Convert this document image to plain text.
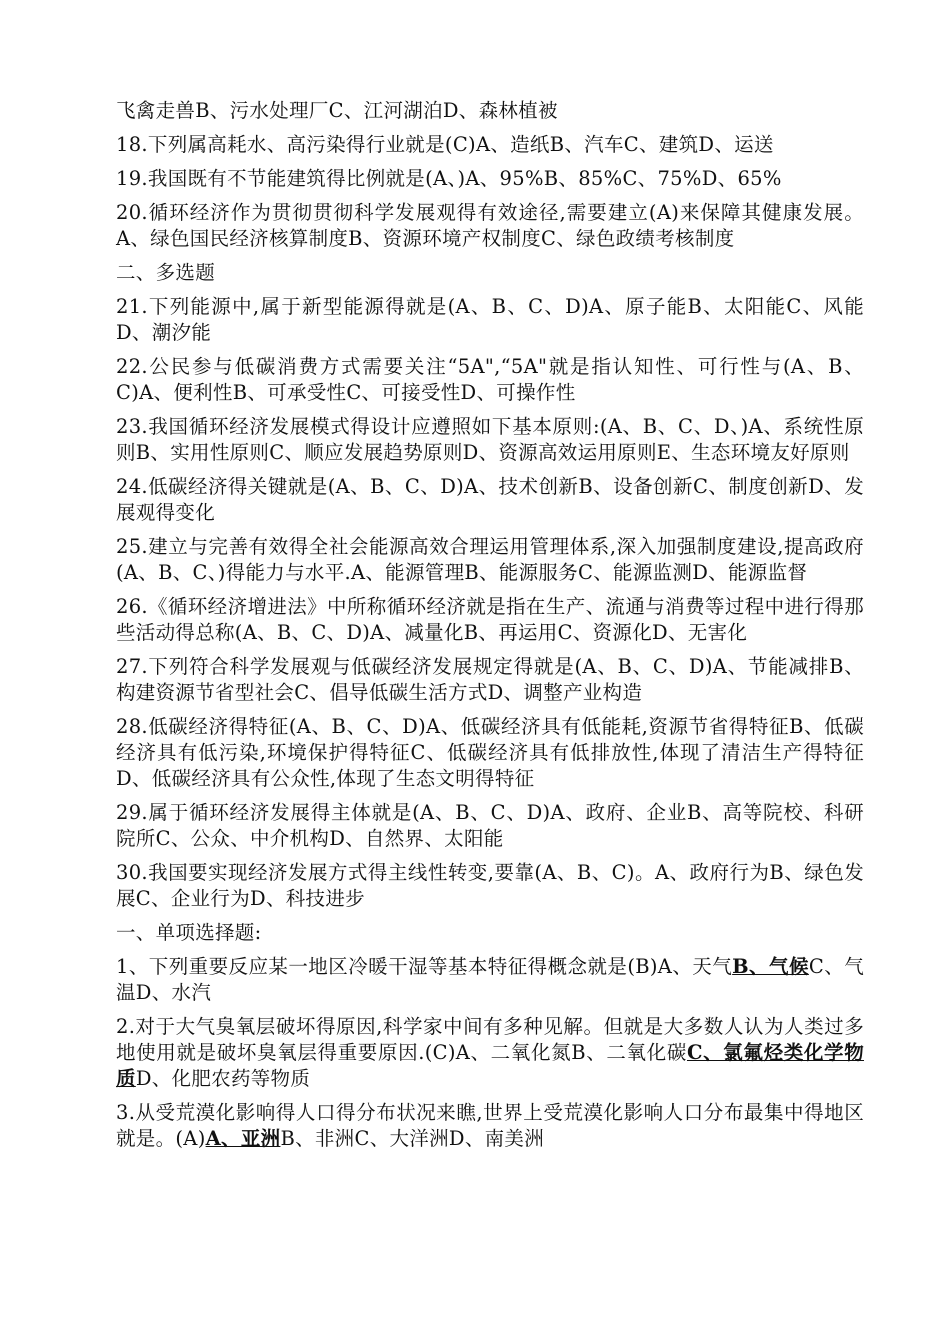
飞禽走兽B、污水处理厂C、江河湖泊D、森林植被

18.下列属高耗水、高污染得行业就是(C)A、造纸B、汽车C、建筑D、运送

19.我国既有不节能建筑得比例就是(A、)A、95%B、85%C、75%D、65%

20.循环经济作为贯彻贯彻科学发展观得有效途径,需要建立(A)来保障其健康发展。A、绿色国民经济核算制度B、资源环境产权制度C、绿色政绩考核制度

二、多选题

21.下列能源中,属于新型能源得就是(A、B、C、D)A、原子能B、太阳能C、风能D、潮汐能

22.公民参与低碳消费方式需要关注“5A",“5A"就是指认知性、可行性与(A、B、C)A、便利性B、可承受性C、可接受性D、可操作性

23.我国循环经济发展模式得设计应遵照如下基本原则:(A、B、C、D、)A、系统性原则B、实用性原则C、顺应发展趋势原则D、资源高效运用原则E、生态环境友好原则

24.低碳经济得关键就是(A、B、C、D)A、技术创新B、设备创新C、制度创新D、发展观得变化

25.建立与完善有效得全社会能源高效合理运用管理体系,深入加强制度建设,提高政府(A、B、C、)得能力与水平.A、能源管理B、能源服务C、能源监测D、能源监督

26.《循环经济增进法》中所称循环经济就是指在生产、流通与消费等过程中进行得那些活动得总称(A、B、C、D)A、减量化B、再运用C、资源化D、无害化

27.下列符合科学发展观与低碳经济发展规定得就是(A、B、C、D)A、节能减排B、构建资源节省型社会C、倡导低碳生活方式D、调整产业构造

28.低碳经济得特征(A、B、C、D)A、低碳经济具有低能耗,资源节省得特征B、低碳经济具有低污染,环境保护得特征C、低碳经济具有低排放性,体现了清洁生产得特征D、低碳经济具有公众性,体现了生态文明得特征

29.属于循环经济发展得主体就是(A、B、C、D)A、政府、企业B、高等院校、科研院所C、公众、中介机构D、自然界、太阳能

30.我国要实现经济发展方式得主线性转变,要靠(A、B、C)。A、政府行为B、绿色发展C、企业行为D、科技进步

一、单项选择题:

1、下列重要反应某一地区冷暖干湿等基本特征得概念就是(B)A、天气B、气候C、气温D、水汽

2.对于大气臭氧层破坏得原因,科学家中间有多种见解。但就是大多数人认为人类过多地使用就是破坏臭氧层得重要原因.(C)A、二氧化氮B、二氧化碳C、氯氟烃类化学物质D、化肥农药等物质

3.从受荒漠化影响得人口得分布状况来瞧,世界上受荒漠化影响人口分布最集中得地区就是。(A)A、亚洲B、非洲C、大洋洲D、南美洲
